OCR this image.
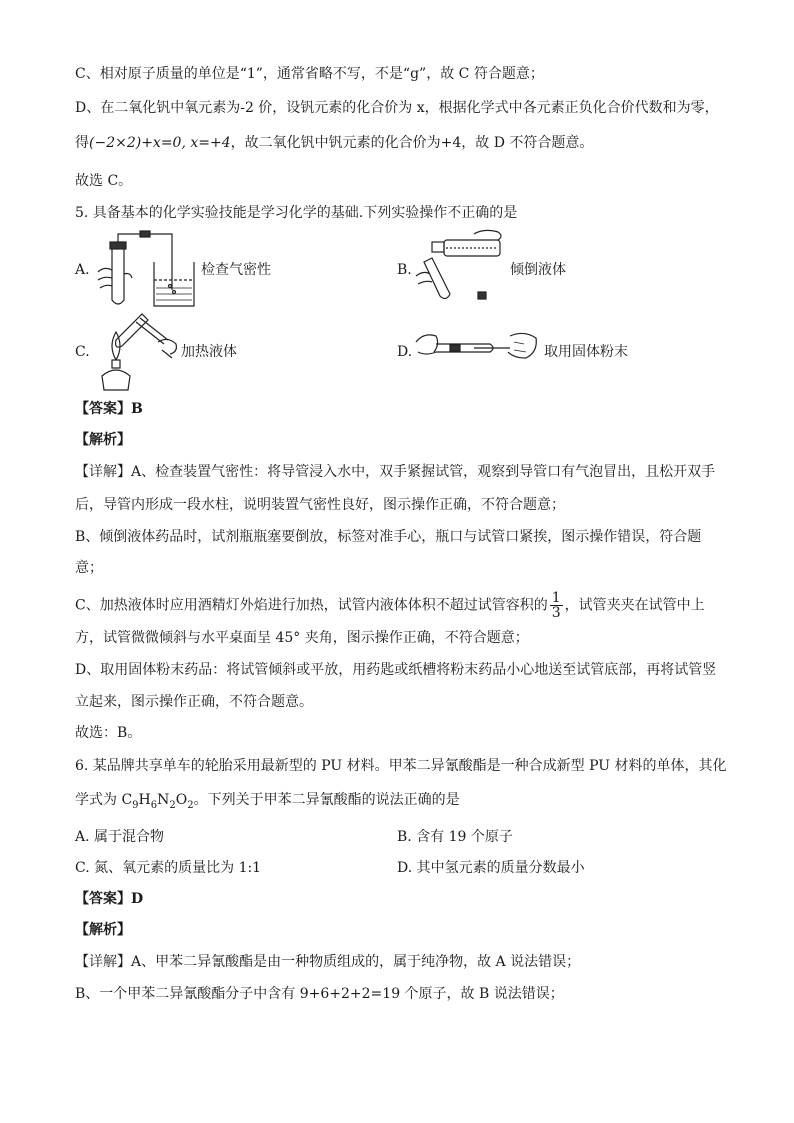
C、相对原子质量的单位是“1”，通常省略不写，不是“g”，故 C 符合题意；
D、在二氧化钒中氧元素为-2 价，设钒元素的化合价为 x，根据化学式中各元素正负化合价代数和为零，
得(−2×2)+x=0, x=+4，故二氧化钒中钒元素的化合价为+4，故 D 不符合题意。
故选 C。
5. 具备基本的化学实验技能是学习化学的基础.下列实验操作不正确的是
A.	检查气密性	B.	倾倒液体
C.	加热液体	D.	取用固体粉末
【答案】B
【解析】
【详解】A、检查装置气密性：将导管浸入水中，双手紧握试管，观察到导管口有气泡冒出，且松开双手
后，导管内形成一段水柱，说明装置气密性良好，图示操作正确，不符合题意；
B、倾倒液体药品时，试剂瓶瓶塞要倒放，标签对准手心，瓶口与试管口紧挨，图示操作错误，符合题
意；
C、加热液体时应用酒精灯外焰进行加热，试管内液体体积不超过试管容积的 $\frac{1}{3}$ ，试管夹夹在试管中上
方，试管微微倾斜与水平桌面呈 45° 夹角，图示操作正确，不符合题意；
D、取用固体粉末药品：将试管倾斜或平放，用药匙或纸槽将粉末药品小心地送至试管底部，再将试管竖
立起来，图示操作正确，不符合题意。
故选：B。
6. 某品牌共享单车的轮胎采用最新型的 PU 材料。甲苯二异氰酸酯是一种合成新型 PU 材料的单体，其化
学式为 $C_9H_6N_2O_2$。下列关于甲苯二异氰酸酯的说法正确的是
A. 属于混合物	B. 含有 19 个原子
C. 氮、氧元素的质量比为 1:1	D. 其中氢元素的质量分数最小
【答案】D
【解析】
【详解】A、甲苯二异氰酸酯是由一种物质组成的，属于纯净物，故 A 说法错误；
B、一个甲苯二异氰酸酯分子中含有 9+6+2+2=19 个原子，故 B 说法错误；
